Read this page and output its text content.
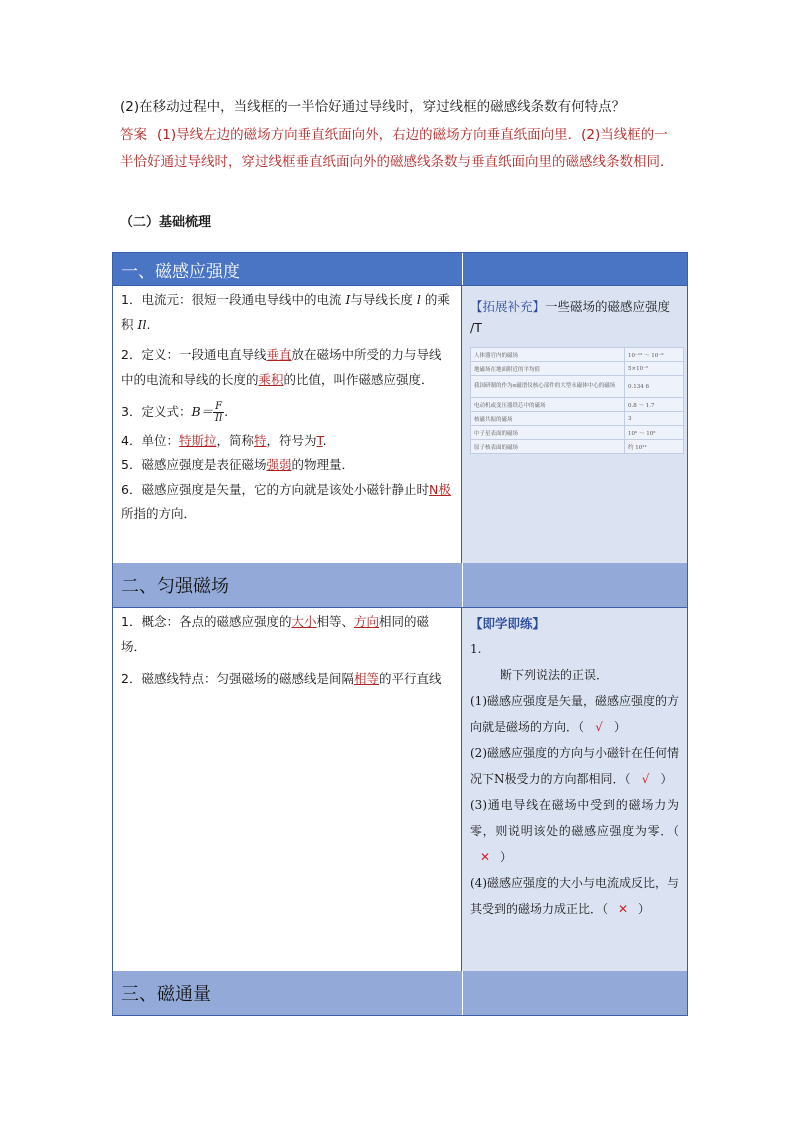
(2)在移动过程中，当线框的一半恰好通过导线时，穿过线框的磁感线条数有何特点？
答案 (1)导线左边的磁场方向垂直纸面向外，右边的磁场方向垂直纸面向里．(2)当线框的一半恰好通过导线时，穿过线框垂直纸面向外的磁感线条数与垂直纸面向里的磁感线条数相同．
（二）基础梳理
一、磁感应强度
1．电流元：很短一段通电导线中的电流 I与导线长度 l 的乘积 Il.
2．定义：一段通电直导线垂直放在磁场中所受的力与导线中的电流和导线的长度的乘积的比值，叫作磁感应强度．
3．定义式：$B= \frac{F}{Il}$ .
4．单位：特斯拉，简称特，符号为T.
5．磁感应强度是表征磁场强弱的物理量．
6．磁感应强度是矢量，它的方向就是该处小磁针静止时N极所指的方向．
【拓展补充】一些磁场的磁感应强度
/T
人体器官内的磁场	10⁻¹³ ～ 10⁻⁹
地磁场在地面附近的平均值	5×10⁻⁵
我国研制的作为α磁谱仪核心部件的大型永磁体中心的磁场	0.134 6
电动机或变压器铁芯中的磁场	0.8 ～ 1.7
核磁共振的磁场	3
中子星表面的磁场	10⁶ ～ 10⁸
原子核表面的磁场	约 10¹²
二、匀强磁场
1．概念：各点的磁感应强度的大小相等、方向相同的磁场．
2．磁感线特点：匀强磁场的磁感线是间隔相等的平行直线
【即学即练】
1.
断下列说法的正误．
(1)磁感应强度是矢量，磁感应强度的方向就是磁场的方向．（ √ ）
(2)磁感应强度的方向与小磁针在任何情况下N极受力的方向都相同．（ √ ）
(3)通电导线在磁场中受到的磁场力为零，则说明该处的磁感应强度为零．（✕ ）
(4)磁感应强度的大小与电流成反比，与其受到的磁场力成正比．（ ✕ ）
三、磁通量
